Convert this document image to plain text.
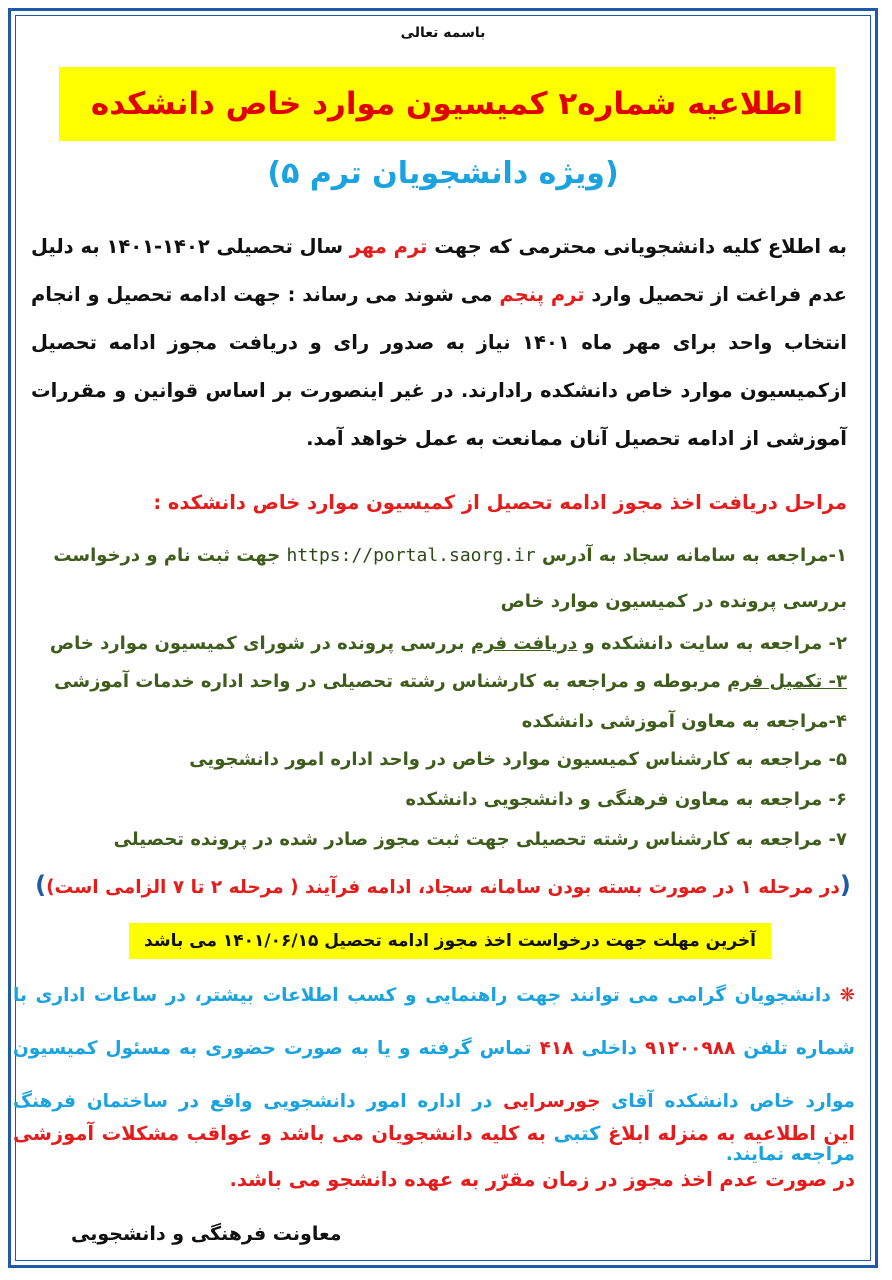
باسمه تعالی
اطلاعیه شماره۲ کمیسیون موارد خاص دانشکده
(ویژه دانشجویان ترم ۵)
به اطلاع کلیه دانشجویانی محترمی که جهت ترم مهر سال تحصیلی ۱۴۰۲-۱۴۰۱ به دلیل عدم فراغت از تحصیل وارد ترم پنجم می شوند می رساند : جهت ادامه تحصیل و انجام انتخاب واحد برای مهر ماه ۱۴۰۱ نیاز به صدور رای و دریافت مجوز ادامه تحصیل ازکمیسیون موارد خاص دانشکده رادارند. در غیر اینصورت بر اساس قوانین و مقررات آموزشی از ادامه تحصیل آنان ممانعت به عمل خواهد آمد.
مراحل دریافت اخذ مجوز ادامه تحصیل از کمیسیون موارد خاص دانشکده :
۱-مراجعه به سامانه سجاد به آدرس https://portal.saorg.ir جهت ثبت نام و درخواست بررسی پرونده در کمیسیون موارد خاص
۲- مراجعه به سایت دانشکده و دریافت فرم بررسی پرونده در شورای کمیسیون موارد خاص
۳- تکمیل فرم مربوطه و مراجعه به کارشناس رشته تحصیلی در واحد اداره خدمات آموزشی
۴-مراجعه به معاون آموزشی دانشکده
۵- مراجعه به کارشناس کمیسیون موارد خاص در واحد اداره امور دانشجویی
۶- مراجعه به معاون فرهنگی و دانشجویی دانشکده
۷- مراجعه به کارشناس رشته تحصیلی جهت ثبت مجوز صادر شده در پرونده تحصیلی
(در مرحله ۱ در صورت بسته بودن سامانه سجاد، ادامه فرآیند ( مرحله ۲ تا ۷ الزامی است))
آخرین مهلت جهت درخواست اخذ مجوز ادامه تحصیل ۱۴۰۱/۰۶/۱۵ می باشد
❋ دانشجویان گرامی می توانند جهت راهنمایی و کسب اطلاعات بیشتر، در ساعات اداری با شماره تلفن ۹۱۲۰۰۹۸۸ داخلی ۴۱۸ تماس گرفته و یا به صورت حضوری به مسئول کمیسیون موارد خاص دانشکده آقای جورسرایی در اداره امور دانشجویی واقع در ساختمان فرهنگ مراجعه نمایند.
این اطلاعیه به منزله ابلاغ کتبی به کلیه دانشجویان می باشد و عواقب مشکلات آموزشی در صورت عدم اخذ مجوز در زمان مقرّر به عهده دانشجو می باشد.
معاونت فرهنگی و دانشجویی
